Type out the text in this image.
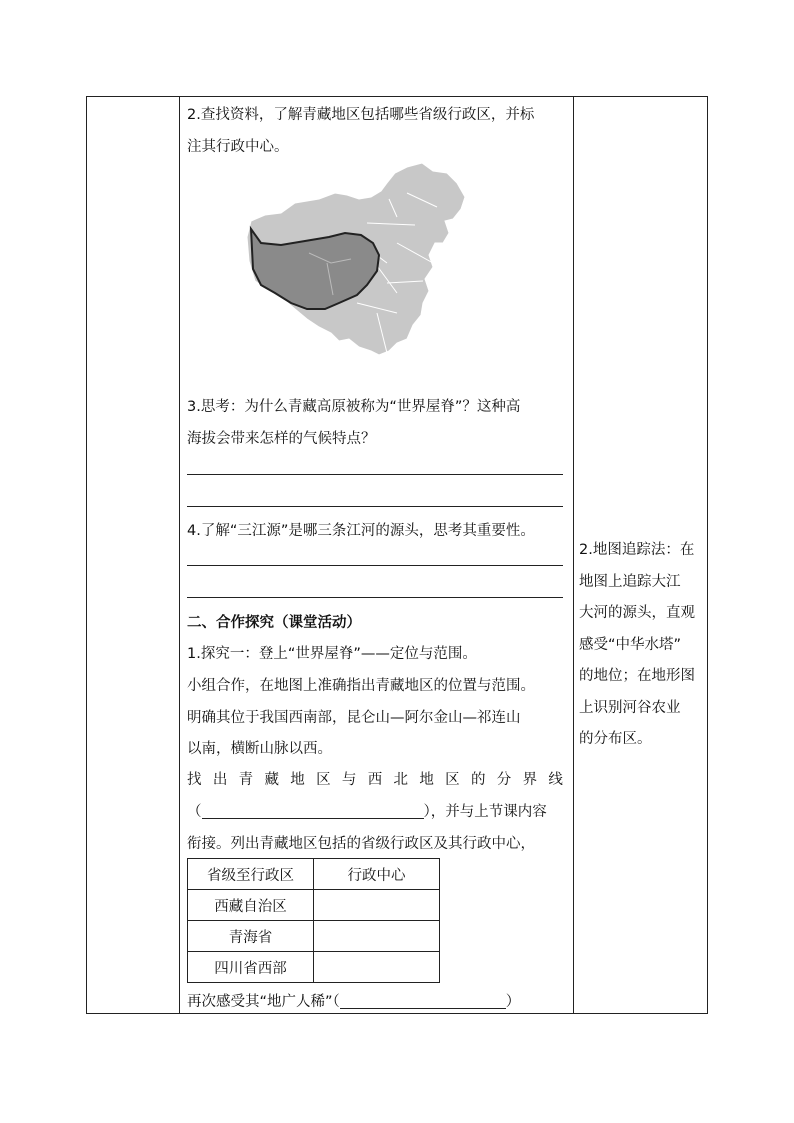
2.查找资料，了解青藏地区包括哪些省级行政区，并标
注其行政中心。
3.思考：为什么青藏高原被称为“世界屋脊”？这种高
海拔会带来怎样的气候特点？
4.了解“三江源”是哪三条江河的源头，思考其重要性。
二、合作探究（课堂活动）
1.探究一：登上“世界屋脊”——定位与范围。
小组合作，在地图上准确指出青藏地区的位置与范围。
明确其位于我国西南部，昆仑山—阿尔金山—祁连山
以南，横断山脉以西。
找 出 青 藏 地 区 与 西 北 地 区 的 分 界 线
（	），并与上节课内容
衔接。列出青藏地区包括的省级行政区及其行政中心，
省级至行政区	行政中心
西藏自治区	
青海省	
四川省西部	
再次感受其“地广人稀”（	）
2.地图追踪法：在
地图上追踪大江
大河的源头，直观
感受“中华水塔”
的地位；在地形图
上识别河谷农业
的分布区。
